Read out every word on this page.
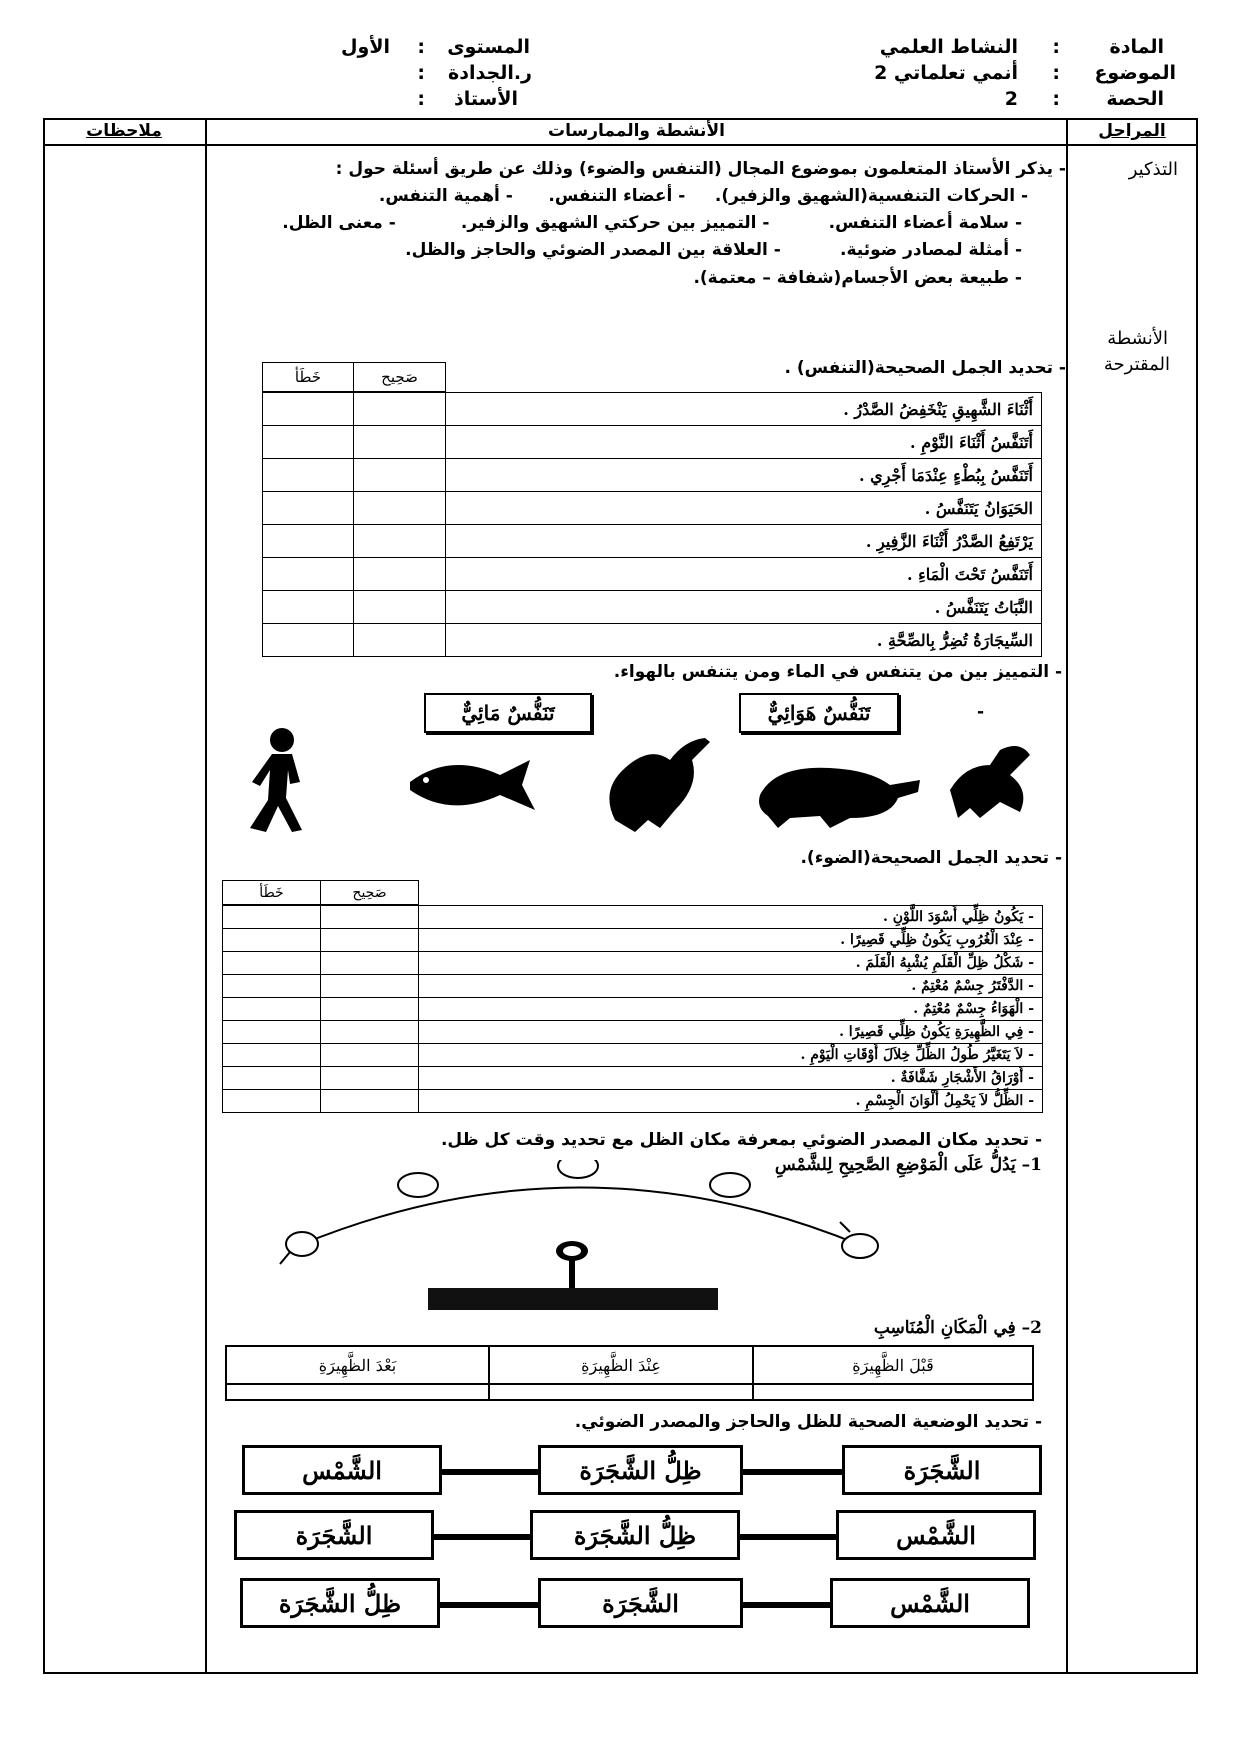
المادة
:
النشاط العلمي
الموضوع
:
أنمي تعلماتي 2
الحصة
:
2
المستوى
:
الأول
ر.الجدادة
:
الأستاذ
:
ملاحظات	الأنشطة والممارسات	المراحل
التذكير
الأنشطة
المقترحة
- يذكر الأستاذ المتعلمون بموضوع المجال (التنفس والضوء) وذلك عن طريق أسئلة حول :
- الحركات التنفسية(الشهيق والزفير).     - أعضاء التنفس.      - أهمية التنفس.
- سلامة أعضاء التنفس.          - التمييز بين حركتي الشهيق والزفير.           - معنى الظل.
- أمثلة لمصادر ضوئية.          - العلاقة بين المصدر الضوئي والحاجز والظل.
- طبيعة بعض الأجسام(شفافة – معتمة).
- تحديد الجمل الصحيحة(التنفس) .
خَطَأ	صَحِيح
أَثْنَاءَ الشَّهِيقِ يَنْخَفِضُ الصَّدْرُ .
أَتَنَفَّسُ أَثْنَاءَ النَّوْمِ .
أَتَنَفَّسُ بِبُطْءٍ عِنْدَمَا أَجْرِي .
الحَيَوَانُ يَتَنَفَّسُ .
يَرْتَفِعُ الصَّدْرُ أَثْنَاءَ الزَّفِيرِ .
أَتَنَفَّسُ تَحْتَ الْمَاءِ .
النَّبَاتُ يَتَنَفَّسُ .
السِّيجَارَةُ تُضِرُّ بِالصِّحَّةِ .
- التمييز بين من يتنفس في الماء ومن يتنفس بالهواء.
-
تَنَفُّسٌ هَوَائِيٌّ
تَنَفُّسٌ مَائِيٌّ
- تحديد الجمل الصحيحة(الضوء).
خَطَأ	صَحِيح
- يَكُونُ ظِلِّي أَسْوَدَ اللَّوْنِ .
- عِنْدَ الْغُرُوبِ يَكُونُ ظِلِّي قَصِيرًا .
- شَكْلُ ظِلِّ الْقَلَمِ يُشْبِهُ الْقَلَمَ .
- الدَّفْتَرُ جِسْمٌ مُعْتِمٌ .
- الْهَوَاءُ جِسْمٌ مُعْتِمٌ .
- فِي الظَّهِيرَةِ يَكُونُ ظِلِّي قَصِيرًا .
- لاَ يَتَغَيَّرُ طُولُ الظِّلِّ خِلاَلَ أَوْقَاتِ الْيَوْمِ .
- أَوْرَاقُ الأَشْجَارِ شَفَّافَةٌ .
- الظِّلُّ لاَ يَحْمِلُ أَلْوَانَ الْجِسْمِ .
- تحديد مكان المصدر الضوئي بمعرفة مكان الظل مع تحديد وقت كل ظل.
1– يَدُلُّ عَلَى الْمَوْضِعِ الصَّحِيحِ لِلشَّمْسِ
2– فِي الْمَكَانِ الْمُنَاسِبِ
بَعْدَ الظَّهِيرَةِ	عِنْدَ الظَّهِيرَةِ	قَبْلَ الظَّهِيرَةِ
- تحديد الوضعية الصحية للظل والحاجز والمصدر الضوئي.
الشَّجَرَة
ظِلُّ الشَّجَرَة
الشَّمْس
الشَّمْس
ظِلُّ الشَّجَرَة
الشَّجَرَة
الشَّمْس
الشَّجَرَة
ظِلُّ الشَّجَرَة
